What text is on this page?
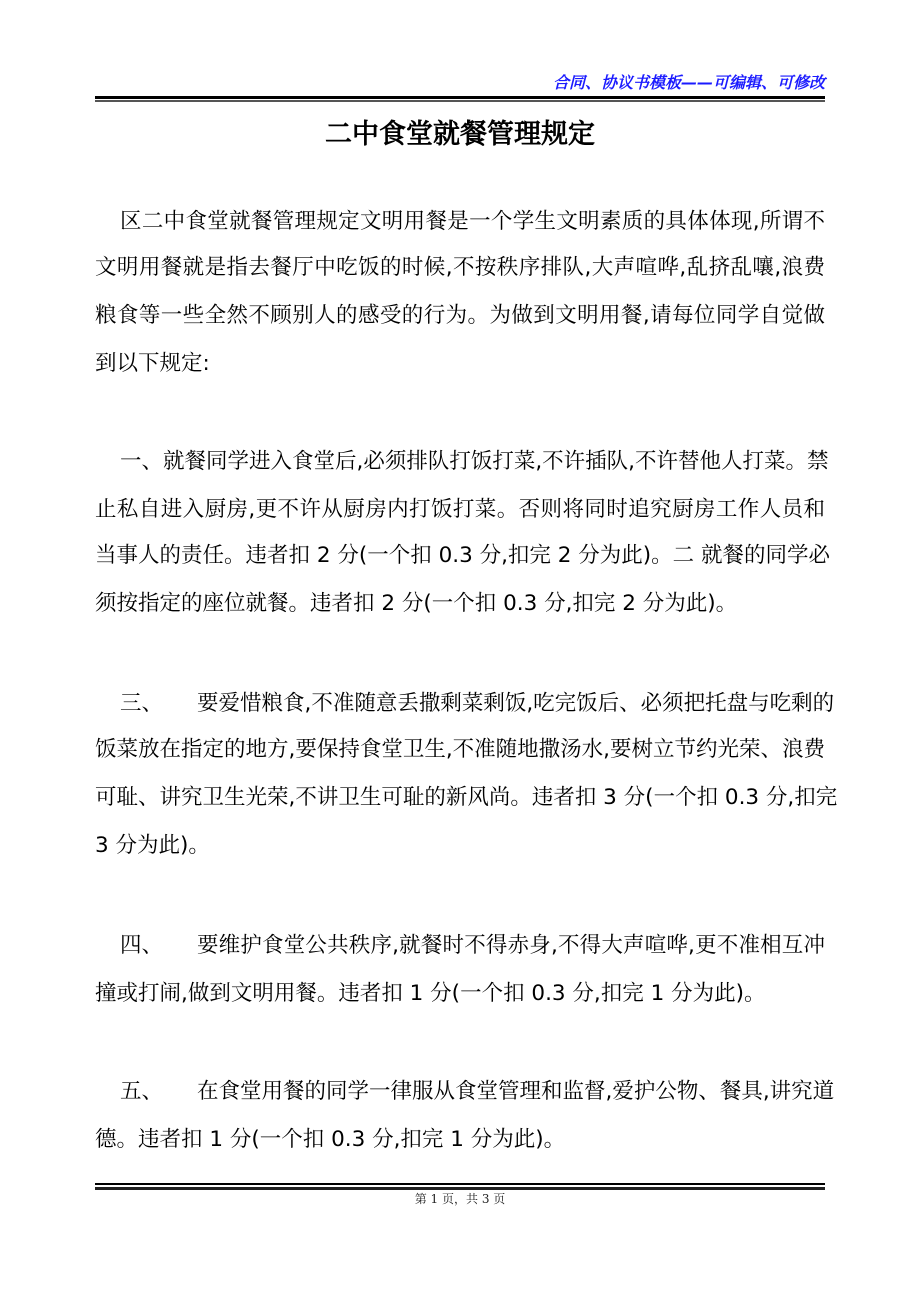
合同、协议书模板——可编辑、可修改
二中食堂就餐管理规定
区二中食堂就餐管理规定文明用餐是一个学生文明素质的具体体现,所谓不
文明用餐就是指去餐厅中吃饭的时候,不按秩序排队,大声喧哗,乱挤乱嚷,浪费
粮食等一些全然不顾别人的感受的行为。为做到文明用餐,请每位同学自觉做
到以下规定:
一、就餐同学进入食堂后,必须排队打饭打菜,不许插队,不许替他人打菜。禁
止私自进入厨房,更不许从厨房内打饭打菜。否则将同时追究厨房工作人员和
当事人的责任。违者扣 2 分(一个扣 0.3 分,扣完 2 分为此)。二 就餐的同学必
须按指定的座位就餐。违者扣 2 分(一个扣 0.3 分,扣完 2 分为此)。
三、 要爱惜粮食,不准随意丢撒剩菜剩饭,吃完饭后、必须把托盘与吃剩的
饭菜放在指定的地方,要保持食堂卫生,不准随地撒汤水,要树立节约光荣、浪费
可耻、讲究卫生光荣,不讲卫生可耻的新风尚。违者扣 3 分(一个扣 0.3 分,扣完
3 分为此)。
四、 要维护食堂公共秩序,就餐时不得赤身,不得大声喧哗,更不准相互冲
撞或打闹,做到文明用餐。违者扣 1 分(一个扣 0.3 分,扣完 1 分为此)。
五、 在食堂用餐的同学一律服从食堂管理和监督,爱护公物、餐具,讲究道
德。违者扣 1 分(一个扣 0.3 分,扣完 1 分为此)。
第 1 页，共 3 页
